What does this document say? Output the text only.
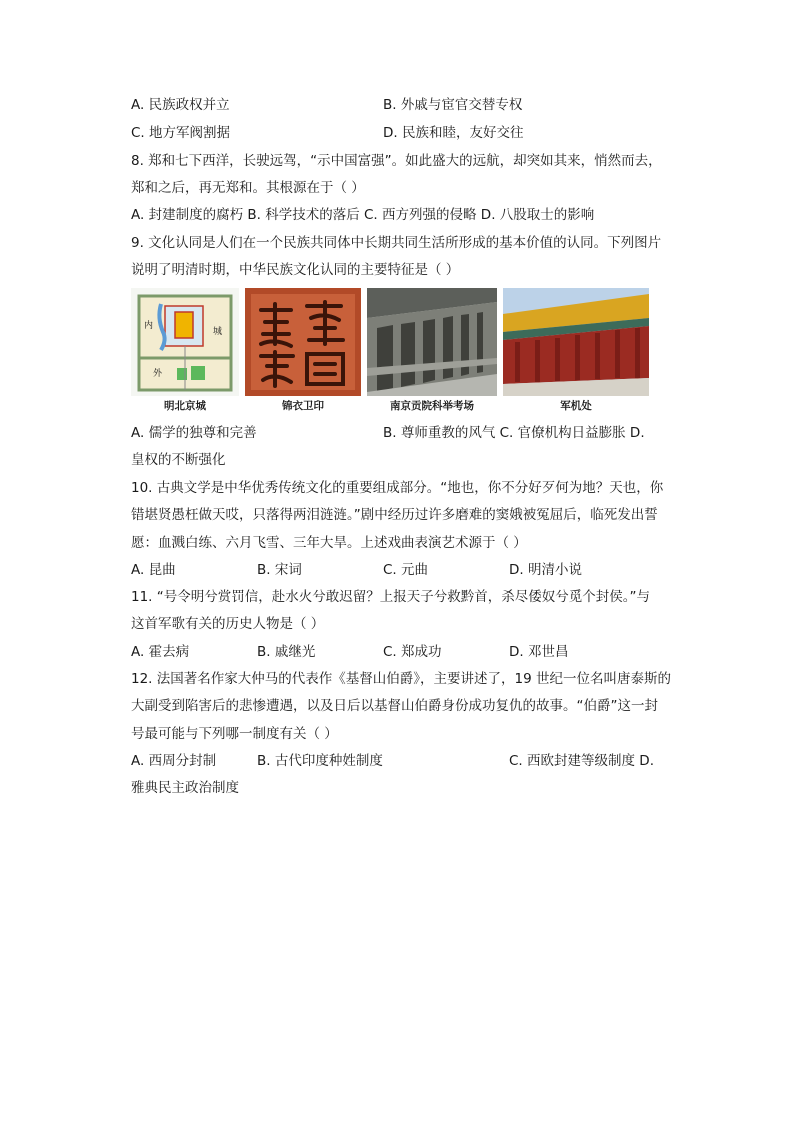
A. 民族政权并立	B. 外戚与宦官交替专权
C. 地方军阀割据	D. 民族和睦，友好交往
8. 郑和七下西洋，长驶远驾，“示中国富强”。如此盛大的远航，却突如其来，悄然而去，
郑和之后，再无郑和。其根源在于（ ）
A. 封建制度的腐朽 B. 科学技术的落后 C. 西方列强的侵略 D. 八股取士的影响
9. 文化认同是人们在一个民族共同体中长期共同生活所形成的基本价值的认同。下列图片
说明了明清时期，中华民族文化认同的主要特征是（ ）
内
城
外
明北京城	锦衣卫印	南京贡院科举考场	军机处
A. 儒学的独尊和完善	B. 尊师重教的风气 C. 官僚机构日益膨胀 D.
皇权的不断强化
10. 古典文学是中华优秀传统文化的重要组成部分。“地也，你不分好歹何为地？天也，你
错堪贤愚枉做天哎，只落得两泪涟涟。”剧中经历过许多磨难的窦娥被冤屈后，临死发出誓
愿：血溅白练、六月飞雪、三年大旱。上述戏曲表演艺术源于（ ）
A. 昆曲	B. 宋词	C. 元曲	D. 明清小说
11. “号令明兮赏罚信，赴水火兮敢迟留？上报天子兮救黔首，杀尽倭奴兮觅个封侯。”与
这首军歌有关的历史人物是（ ）
A. 霍去病	B. 戚继光	C. 郑成功	D. 邓世昌
12. 法国著名作家大仲马的代表作《基督山伯爵》，主要讲述了，19 世纪一位名叫唐泰斯的
大副受到陷害后的悲惨遭遇，以及日后以基督山伯爵身份成功复仇的故事。“伯爵”这一封
号最可能与下列哪一制度有关（ ）
A. 西周分封制	B. 古代印度种姓制度	C. 西欧封建等级制度 D.
雅典民主政治制度
